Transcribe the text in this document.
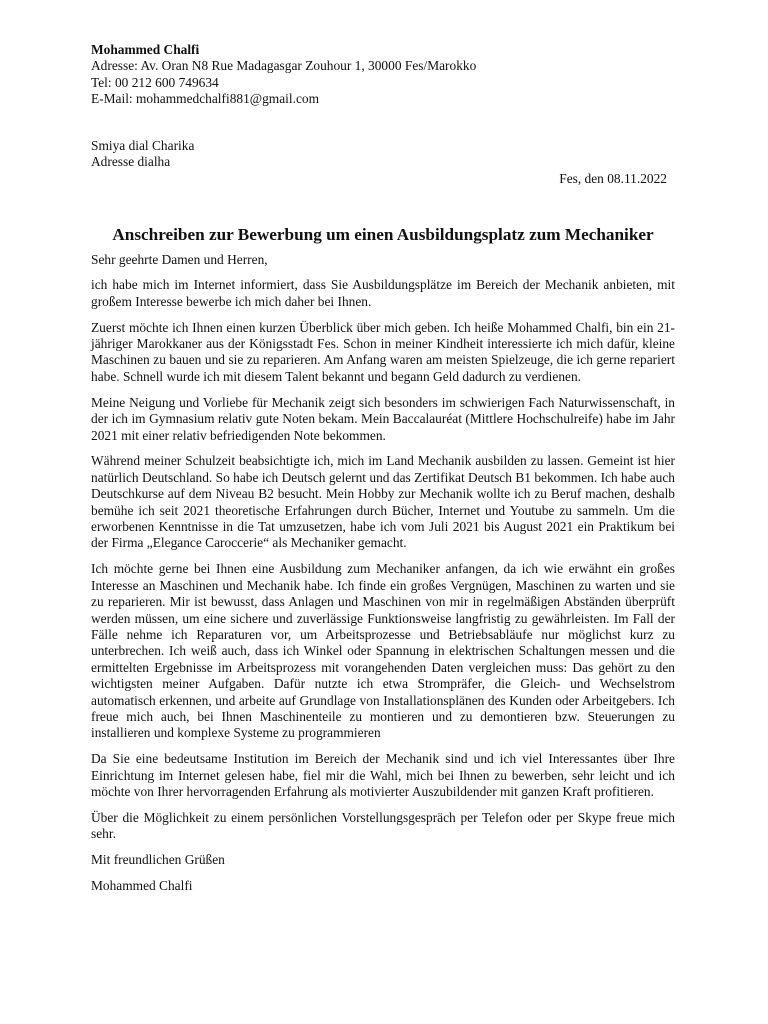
Mohammed Chalfi
Adresse: Av. Oran N8 Rue Madagasgar Zouhour 1, 30000 Fes/Marokko
Tel: 00 212 600 749634
E-Mail: mohammedchalfi881@gmail.com
Smiya dial Charika
Adresse dialha
Fes, den 08.11.2022
Anschreiben zur Bewerbung um einen Ausbildungsplatz zum Mechaniker
Sehr geehrte Damen und Herren,

ich habe mich im Internet informiert, dass Sie Ausbildungsplätze im Bereich der Mechanik anbieten, mit großem Interesse bewerbe ich mich daher bei Ihnen.

Zuerst möchte ich Ihnen einen kurzen Überblick über mich geben. Ich heiße Mohammed Chalfi, bin ein 21-jähriger Marokkaner aus der Königsstadt Fes. Schon in meiner Kindheit interessierte ich mich dafür, kleine Maschinen zu bauen und sie zu reparieren. Am Anfang waren am meisten Spielzeuge, die ich gerne repariert habe. Schnell wurde ich mit diesem Talent bekannt und begann Geld dadurch zu verdienen.

Meine Neigung und Vorliebe für Mechanik zeigt sich besonders im schwierigen Fach Naturwissenschaft, in der ich im Gymnasium relativ gute Noten bekam. Mein Baccalauréat (Mittlere Hochschulreife) habe im Jahr 2021 mit einer relativ befriedigenden Note bekommen.

Während meiner Schulzeit beabsichtigte ich, mich im Land Mechanik ausbilden zu lassen. Gemeint ist hier natürlich Deutschland. So habe ich Deutsch gelernt und das Zertifikat Deutsch B1 bekommen. Ich habe auch Deutschkurse auf dem Niveau B2 besucht. Mein Hobby zur Mechanik wollte ich zu Beruf machen, deshalb bemühe ich seit 2021 theoretische Erfahrungen durch Bücher, Internet und Youtube zu sammeln. Um die erworbenen Kenntnisse in die Tat umzusetzen, habe ich vom Juli 2021 bis August 2021 ein Praktikum bei der Firma „Elegance Caroccerie“ als Mechaniker gemacht.

Ich möchte gerne bei Ihnen eine Ausbildung zum Mechaniker anfangen, da ich wie erwähnt ein großes Interesse an Maschinen und Mechanik habe. Ich finde ein großes Vergnügen, Maschinen zu warten und sie zu reparieren. Mir ist bewusst, dass Anlagen und Maschinen von mir in regelmäßigen Abständen überprüft werden müssen, um eine sichere und zuverlässige Funktionsweise langfristig zu gewährleisten. Im Fall der Fälle nehme ich Reparaturen vor, um Arbeitsprozesse und Betriebsabläufe nur möglichst kurz zu unterbrechen. Ich weiß auch, dass ich Winkel oder Spannung in elektrischen Schaltungen messen und die ermittelten Ergebnisse im Arbeitsprozess mit vorangehenden Daten vergleichen muss: Das gehört zu den wichtigsten meiner Aufgaben. Dafür nutzte ich etwa Strompräfer, die Gleich- und Wechselstrom automatisch erkennen, und arbeite auf Grundlage von Installationsplänen des Kunden oder Arbeitgebers. Ich freue mich auch, bei Ihnen Maschinenteile zu montieren und zu demontieren bzw. Steuerungen zu installieren und komplexe Systeme zu programmieren

Da Sie eine bedeutsame Institution im Bereich der Mechanik sind und ich viel Interessantes über Ihre Einrichtung im Internet gelesen habe, fiel mir die Wahl, mich bei Ihnen zu bewerben, sehr leicht und ich möchte von Ihrer hervorragenden Erfahrung als motivierter Auszubildender mit ganzen Kraft profitieren.

Über die Möglichkeit zu einem persönlichen Vorstellungsgespräch per Telefon oder per Skype freue mich sehr.

Mit freundlichen Grüßen
Mohammed Chalfi
